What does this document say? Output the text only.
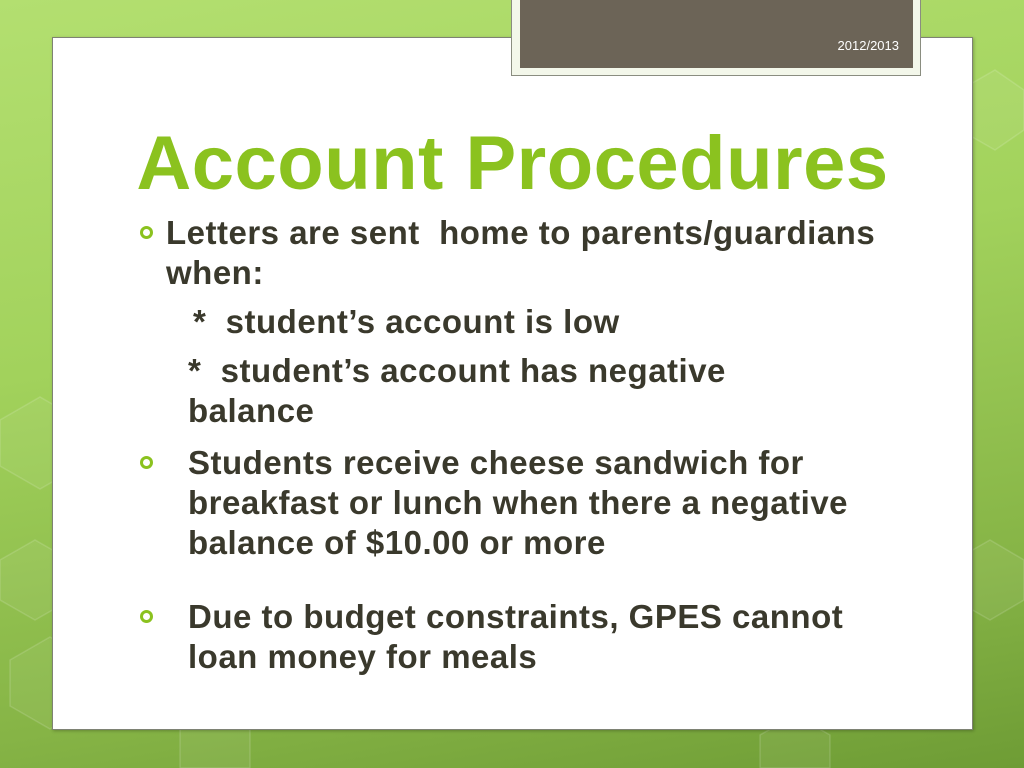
2012/2013
Account Procedures
Letters are sent  home to parents/guardians
when:
*  student’s account is low
*  student’s account has negative
balance
Students receive cheese sandwich for
breakfast or lunch when there a negative
balance of $10.00 or more
Due to budget constraints, GPES cannot
loan money for meals
